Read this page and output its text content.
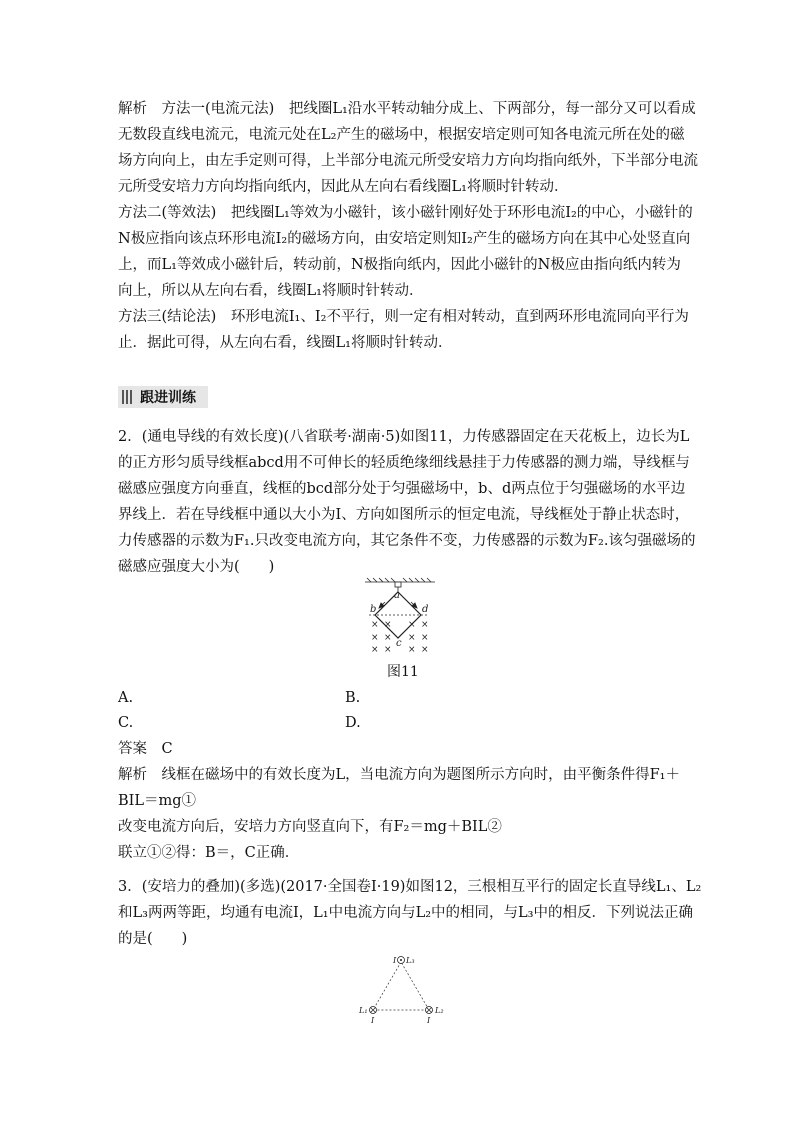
解析　方法一(电流元法)　把线圈L₁沿水平转动轴分成上、下两部分，每一部分又可以看成
无数段直线电流元，电流元处在L₂产生的磁场中，根据安培定则可知各电流元所在处的磁
场方向向上，由左手定则可得，上半部分电流元所受安培力方向均指向纸外，下半部分电流
元所受安培力方向均指向纸内，因此从左向右看线圈L₁将顺时针转动．
方法二(等效法)　把线圈L₁等效为小磁针，该小磁针刚好处于环形电流I₂的中心，小磁针的
N极应指向该点环形电流I₂的磁场方向，由安培定则知I₂产生的磁场方向在其中心处竖直向
上，而L₁等效成小磁针后，转动前，N极指向纸内，因此小磁针的N极应由指向纸内转为
向上，所以从左向右看，线圈L₁将顺时针转动．
方法三(结论法)　环形电流I₁、I₂不平行，则一定有相对转动，直到两环形电流同向平行为
止．据此可得，从左向右看，线圈L₁将顺时针转动．
跟进训练
2．(通电导线的有效长度)(八省联考·湖南·5)如图11，力传感器固定在天花板上，边长为L
的正方形匀质导线框abcd用不可伸长的轻质绝缘细线悬挂于力传感器的测力端，导线框与
磁感应强度方向垂直，线框的bcd部分处于匀强磁场中，b、d两点位于匀强磁场的水平边
界线上．若在导线框中通以大小为I、方向如图所示的恒定电流，导线框处于静止状态时，
力传感器的示数为F₁.只改变电流方向，其它条件不变，力传感器的示数为F₂.该匀强磁场的
磁感应强度大小为(　　)
a
b	d
c
× × × ×
× × × ×
× × × ×
图11
A.	B.
C.	D.
答案　C
解析　线框在磁场中的有效长度为L，当电流方向为题图所示方向时，由平衡条件得F₁＋
BIL＝mg①
改变电流方向后，安培力方向竖直向下，有F₂＝mg＋BIL②
联立①②得：B＝，C正确．
3．(安培力的叠加)(多选)(2017·全国卷Ⅰ·19)如图12，三根相互平行的固定长直导线L₁、L₂
和L₃两两等距，均通有电流I，L₁中电流方向与L₂中的相同，与L₃中的相反．下列说法正确
的是(　　)
I L₃
L₁
I	I
L₂
